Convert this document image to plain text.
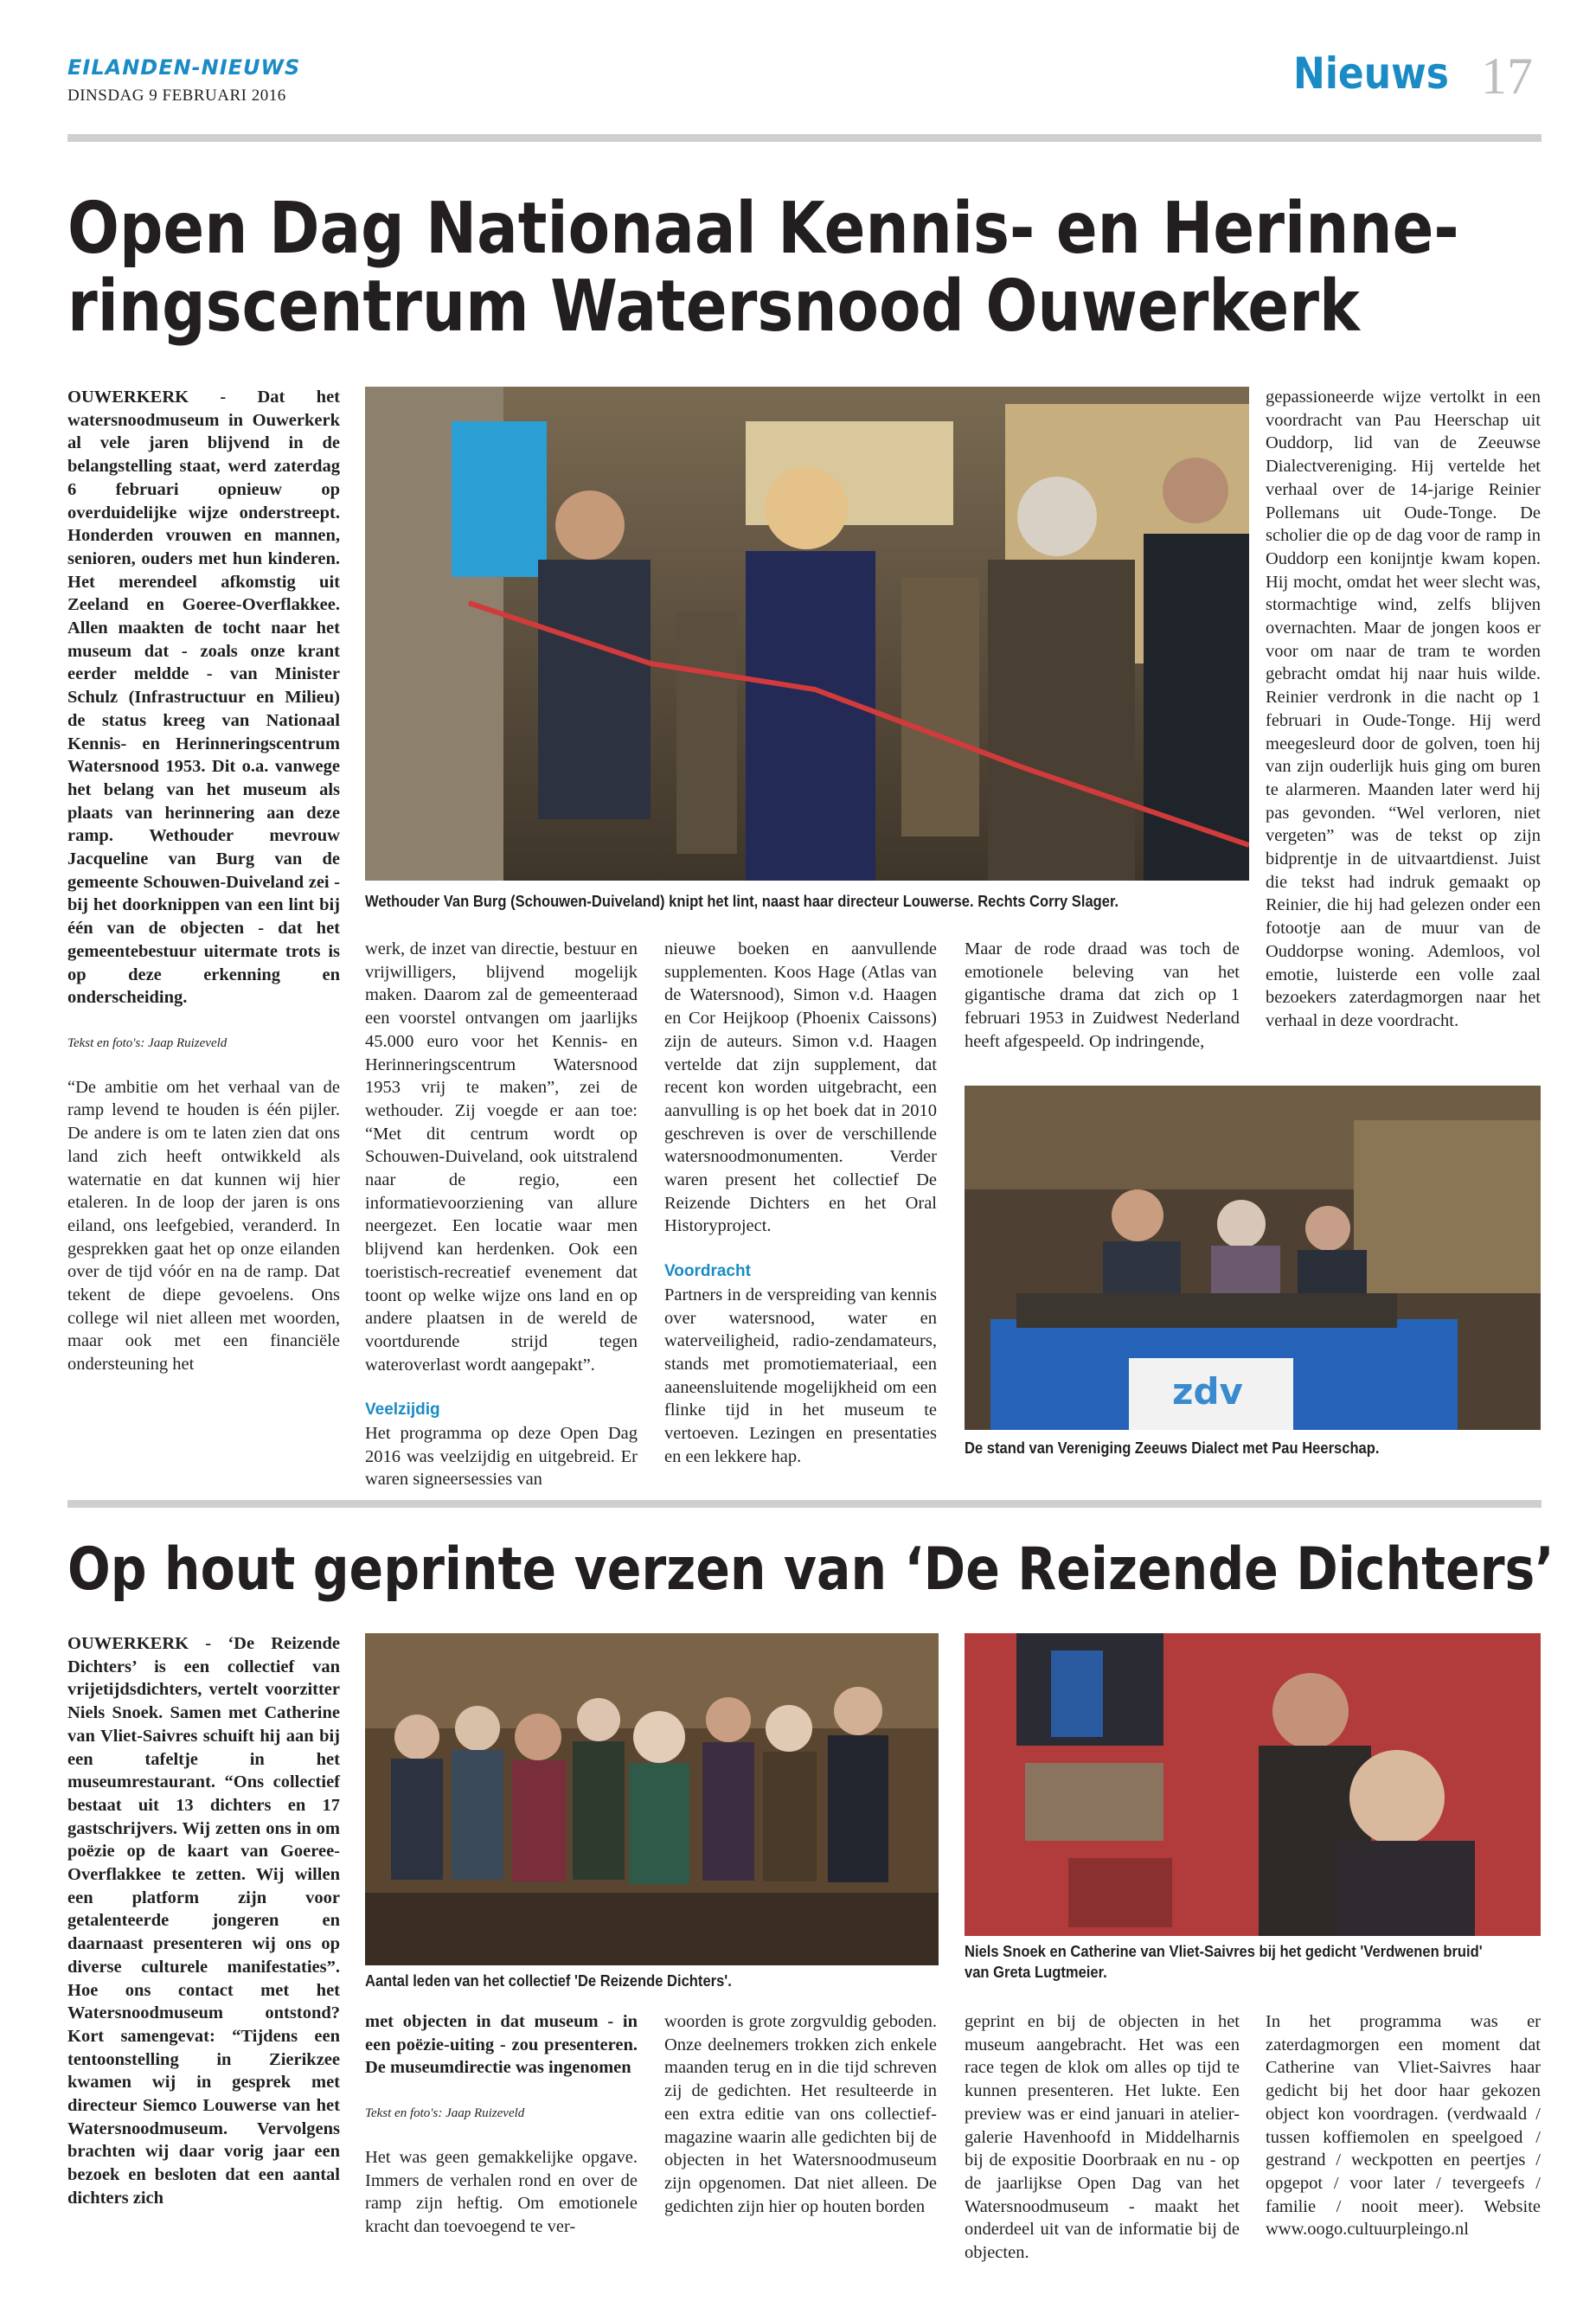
EILANDEN-NIEUWS
DINSDAG 9 FEBRUARI 2016	Nieuws 17
Open Dag Nationaal Kennis- en Herinne-
ringscentrum Watersnood Ouwerkerk

OUWERKERK - Dat het watersnoodmuseum in Ouwerkerk al vele jaren blijvend in de belangstelling staat, werd zaterdag 6 februari opnieuw op overduidelijke wijze onderstreept. Honderden vrouwen en mannen, senioren, ouders met hun kinderen. Het merendeel afkomstig uit Zeeland en Goeree-Overflakkee. Allen maakten de tocht naar het museum dat - zoals onze krant eerder meldde - van Minister Schulz (Infrastructuur en Milieu) de status kreeg van Nationaal Kennis- en Herinneringscentrum Watersnood 1953. Dit o.a. vanwege het belang van het museum als plaats van herinnering aan deze ramp. Wethouder mevrouw Jacqueline van Burg van de gemeente Schouwen-Duiveland zei - bij het doorknippen van een lint bij één van de objecten - dat het gemeentebestuur uitermate trots is op deze erkenning en onderscheiding.

Tekst en foto's: Jaap Ruizeveld

“De ambitie om het verhaal van de ramp levend te houden is één pijler. De andere is om te laten zien dat ons land zich heeft ontwikkeld als waternatie en dat kunnen wij hier etaleren. In de loop der jaren is ons eiland, ons leefgebied, veranderd. In gesprekken gaat het op onze eilanden over de tijd vóór en na de ramp. Dat tekent de diepe gevoelens. Ons college wil niet alleen met woorden, maar ook met een financiële ondersteuning het

Wethouder Van Burg (Schouwen-Duiveland) knipt het lint, naast haar directeur Louwerse. Rechts Corry Slager.

werk, de inzet van directie, bestuur en vrijwilligers, blijvend mogelijk maken. Daarom zal de gemeenteraad een voorstel ontvangen om jaarlijks 45.000 euro voor het Kennis- en Herinneringscentrum Watersnood 1953 vrij te maken”, zei de wethouder. Zij voegde er aan toe: “Met dit centrum wordt op Schouwen-Duiveland, ook uitstralend naar de regio, een informatievoorziening van allure neergezet. Een locatie waar men blijvend kan herdenken. Ook een toeristisch-recreatief evenement dat toont op welke wijze ons land en op andere plaatsen in de wereld de voortdurende strijd tegen wateroverlast wordt aangepakt”.

Veelzijdig

Het programma op deze Open Dag 2016 was veelzijdig en uitgebreid. Er waren signeersessies van

nieuwe boeken en aanvullende supplementen. Koos Hage (Atlas van de Watersnood), Simon v.d. Haagen en Cor Heijkoop (Phoenix Caissons) zijn de auteurs. Simon v.d. Haagen vertelde dat zijn supplement, dat recent kon worden uitgebracht, een aanvulling is op het boek dat in 2010 geschreven is over de verschillende watersnoodmonumenten. Verder waren present het collectief De Reizende Dichters en het Oral Historyproject.

Voordracht

Partners in de verspreiding van kennis over watersnood, water en waterveiligheid, radio-zendamateurs, stands met promotiemateriaal, een aaneensluitende mogelijkheid om een flinke tijd in het museum te vertoeven. Lezingen en presentaties en een lekkere hap.

Maar de rode draad was toch de emotionele beleving van het gigantische drama dat zich op 1 februari 1953 in Zuidwest Nederland heeft afgespeeld. Op indringende,

gepassioneerde wijze vertolkt in een voordracht van Pau Heerschap uit Ouddorp, lid van de Zeeuwse Dialectvereniging. Hij vertelde het verhaal over de 14-jarige Reinier Pollemans uit Oude-Tonge. De scholier die op de dag voor de ramp in Ouddorp een konijntje kwam kopen. Hij mocht, omdat het weer slecht was, stormachtige wind, zelfs blijven overnachten. Maar de jongen koos er voor om naar de tram te worden gebracht omdat hij naar huis wilde. Reinier verdronk in die nacht op 1 februari in Oude-Tonge. Hij werd meegesleurd door de golven, toen hij van zijn ouderlijk huis ging om buren te alarmeren. Maanden later werd hij pas gevonden. “Wel verloren, niet vergeten” was de tekst op zijn bidprentje in de uitvaartdienst. Juist die tekst had indruk gemaakt op Reinier, die hij had gelezen onder een fotootje aan de muur van de Ouddorpse woning. Ademloos, vol emotie, luisterde een volle zaal bezoekers zaterdagmorgen naar het verhaal in deze voordracht.

zdv
De stand van Vereniging Zeeuws Dialect met Pau Heerschap.
Op hout geprinte verzen van ‘De Reizende Dichters’

OUWERKERK - ‘De Reizende Dichters’ is een collectief van vrijetijdsdichters, vertelt voorzitter Niels Snoek. Samen met Catherine van Vliet-Saivres schuift hij aan bij een tafeltje in het museumrestaurant. “Ons collectief bestaat uit 13 dichters en 17 gastschrijvers. Wij zetten ons in om poëzie op de kaart van Goeree-Overflakkee te zetten. Wij willen een platform zijn voor getalenteerde jongeren en daarnaast presenteren wij ons op diverse culturele manifestaties”. Hoe ons contact met het Watersnoodmuseum ontstond? Kort samengevat: “Tijdens een tentoonstelling in Zierikzee kwamen wij in gesprek met directeur Siemco Louwerse van het Watersnoodmuseum. Vervolgens brachten wij daar vorig jaar een bezoek en besloten dat een aantal dichters zich

Aantal leden van het collectief 'De Reizende Dichters'.
Niels Snoek en Catherine van Vliet-Saivres bij het gedicht 'Verdwenen bruid' van Greta Lugtmeier.

met objecten in dat museum - in een poëzie-uiting - zou presenteren. De museumdirectie was ingenomen

Tekst en foto's: Jaap Ruizeveld

Het was geen gemakkelijke opgave. Immers de verhalen rond en over de ramp zijn heftig. Om emotionele kracht dan toevoegend te ver-

woorden is grote zorgvuldig geboden. Onze deelnemers trokken zich enkele maanden terug en in die tijd schreven zij de gedichten. Het resulteerde in een extra editie van ons collectief-magazine waarin alle gedichten bij de objecten in het Watersnoodmuseum zijn opgenomen. Dat niet alleen. De gedichten zijn hier op houten borden

geprint en bij de objecten in het museum aangebracht. Het was een race tegen de klok om alles op tijd te kunnen presenteren. Het lukte. Een preview was er eind januari in atelier-galerie Havenhoofd in Middelharnis bij de expositie Doorbraak en nu - op de jaarlijkse Open Dag van het Watersnoodmuseum - maakt het onderdeel uit van de informatie bij de objecten.

In het programma was er zaterdagmorgen een moment dat Catherine van Vliet-Saivres haar gedicht bij het door haar gekozen object kon voordragen. (verdwaald / tussen koffiemolen en speelgoed / gestrand / weckpotten en peertjes / opgepot / voor later / tevergeefs / familie / nooit meer). Website www.oogo.cultuurpleingo.nl
